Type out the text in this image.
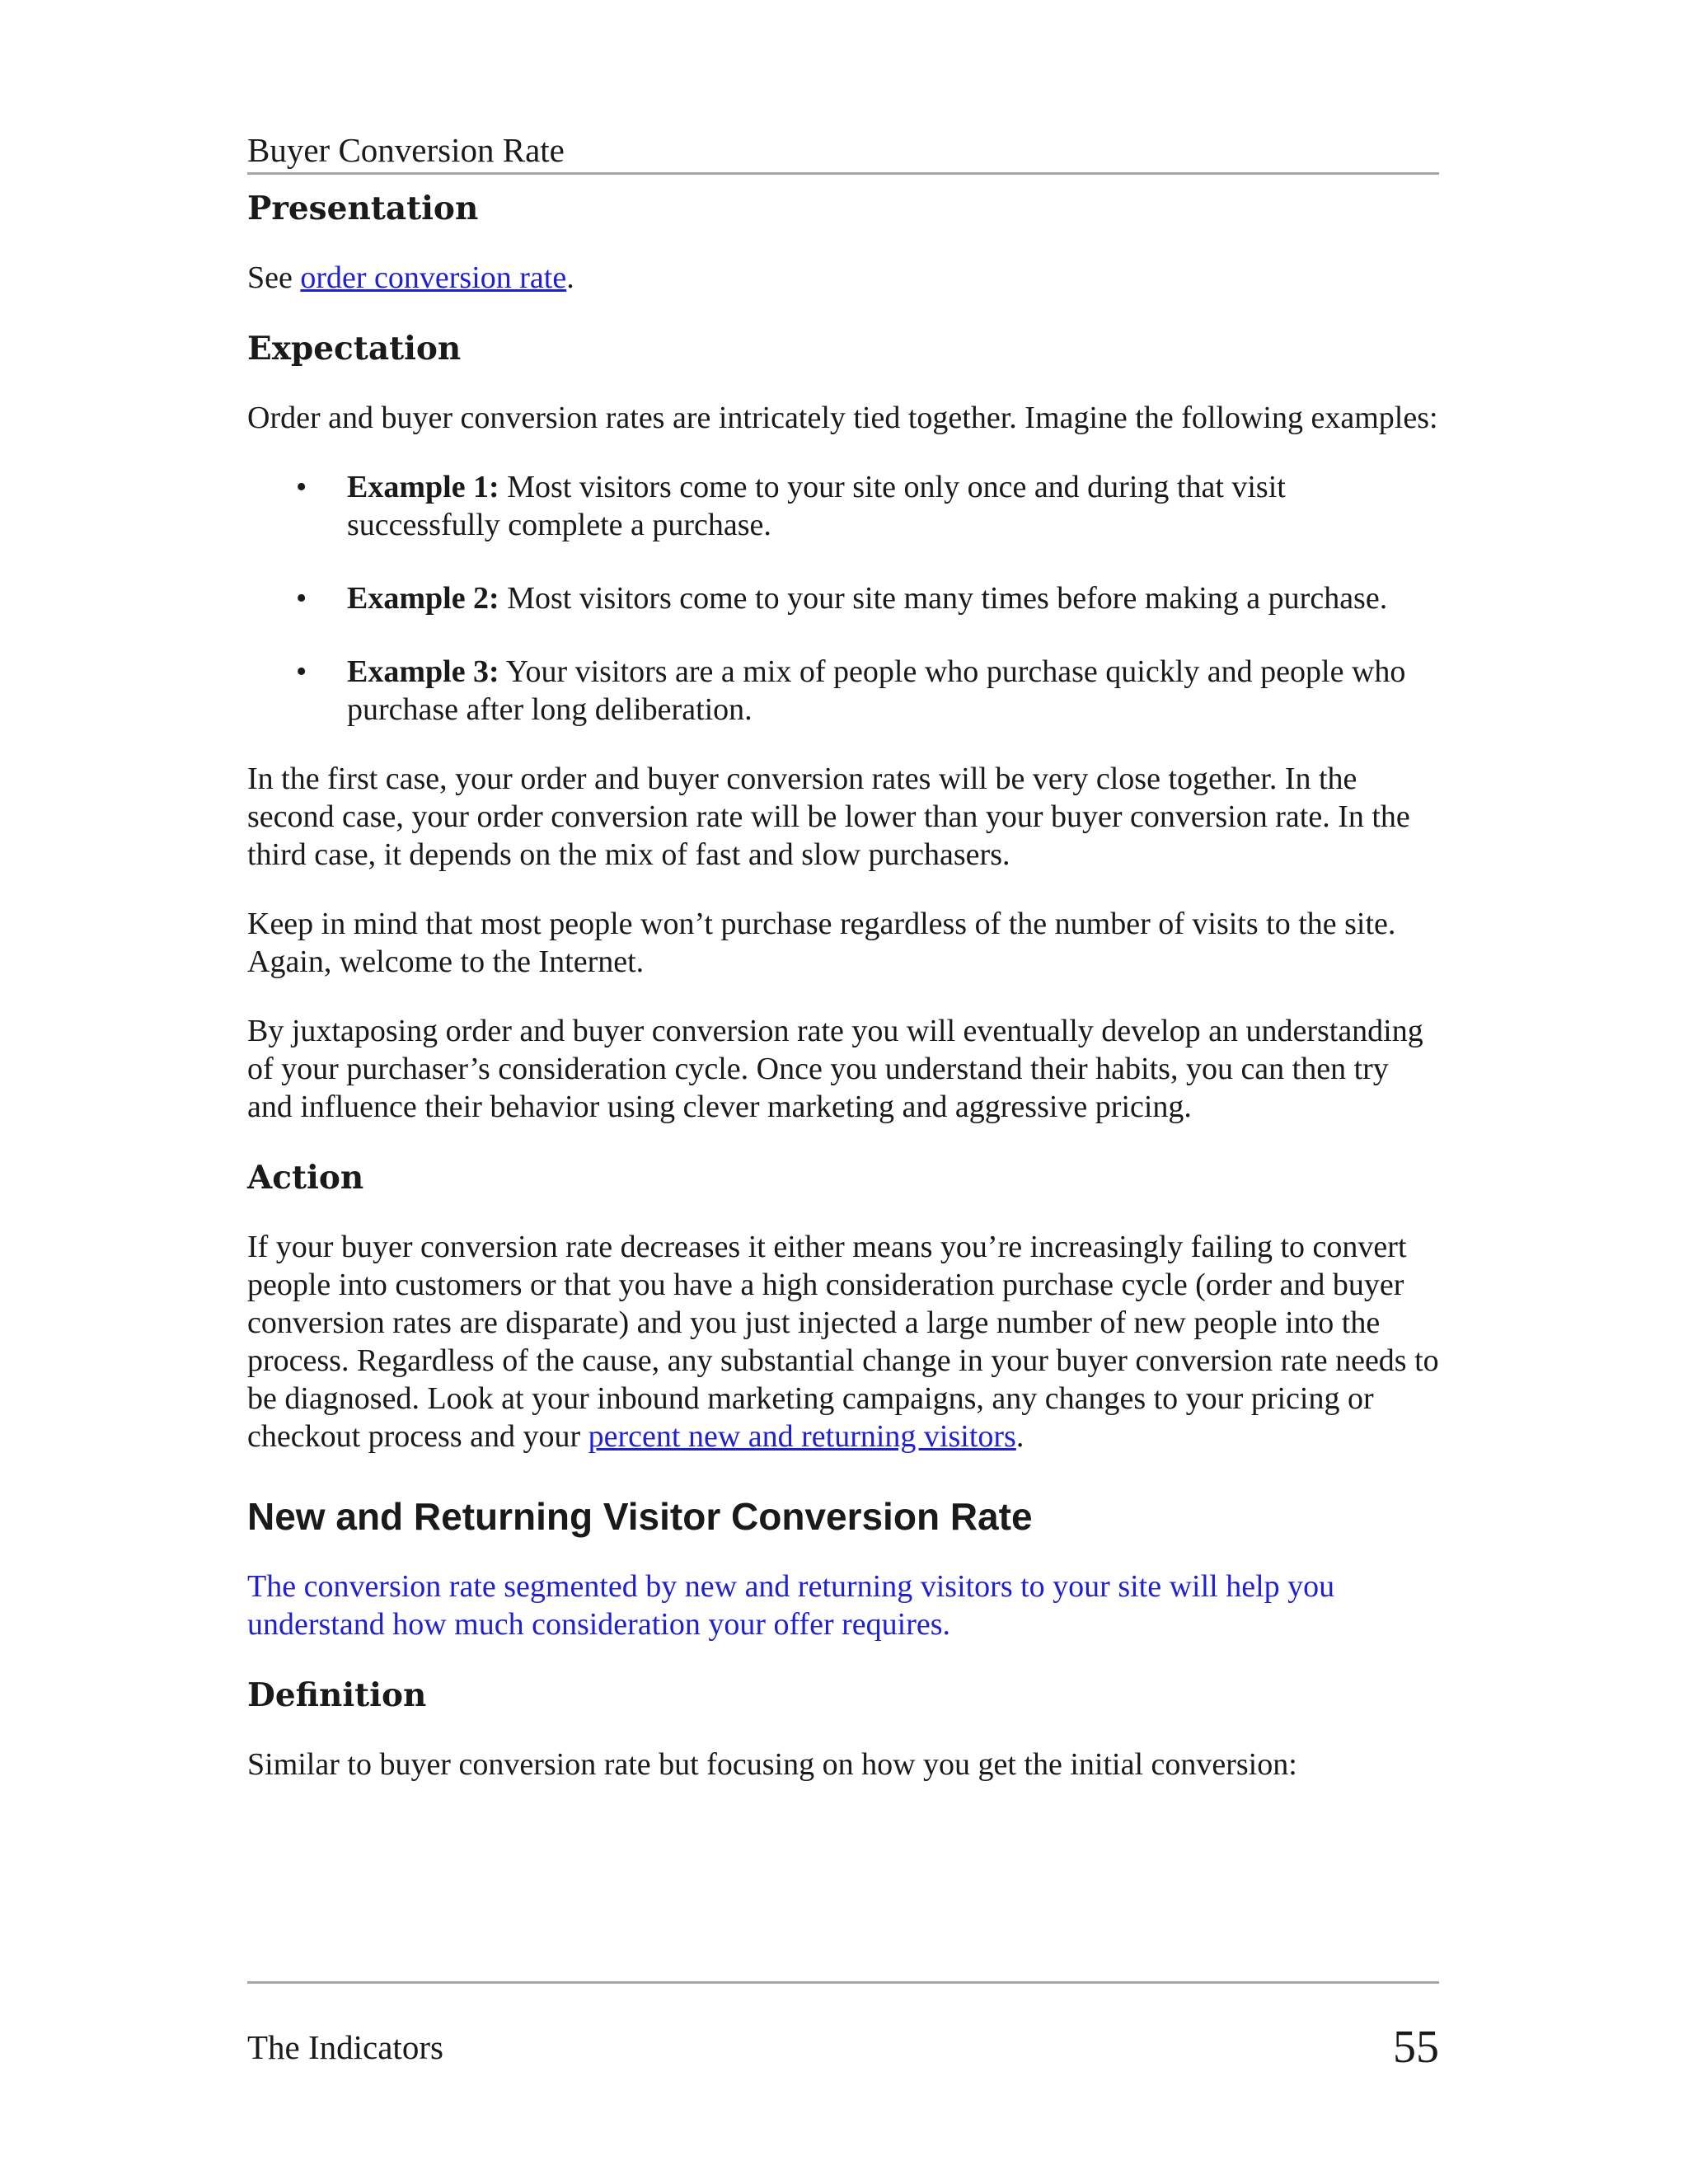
Buyer Conversion Rate
Presentation

See order conversion rate.

Expectation

Order and buyer conversion rates are intricately tied together. Imagine the following examples:

• Example 1: Most visitors come to your site only once and during that visit successfully complete a purchase.
• Example 2: Most visitors come to your site many times before making a purchase.
• Example 3: Your visitors are a mix of people who purchase quickly and people who purchase after long deliberation.

In the first case, your order and buyer conversion rates will be very close together. In the second case, your order conversion rate will be lower than your buyer conversion rate. In the third case, it depends on the mix of fast and slow purchasers.

Keep in mind that most people won’t purchase regardless of the number of visits to the site. Again, welcome to the Internet.

By juxtaposing order and buyer conversion rate you will eventually develop an understanding of your purchaser’s consideration cycle. Once you understand their habits, you can then try and influence their behavior using clever marketing and aggressive pricing.

Action

If your buyer conversion rate decreases it either means you’re increasingly failing to convert people into customers or that you have a high consideration purchase cycle (order and buyer conversion rates are disparate) and you just injected a large number of new people into the process. Regardless of the cause, any substantial change in your buyer conversion rate needs to be diagnosed. Look at your inbound marketing campaigns, any changes to your pricing or checkout process and your percent new and returning visitors.

New and Returning Visitor Conversion Rate

The conversion rate segmented by new and returning visitors to your site will help you understand how much consideration your offer requires.

Definition

Similar to buyer conversion rate but focusing on how you get the initial conversion:

The Indicators	55
